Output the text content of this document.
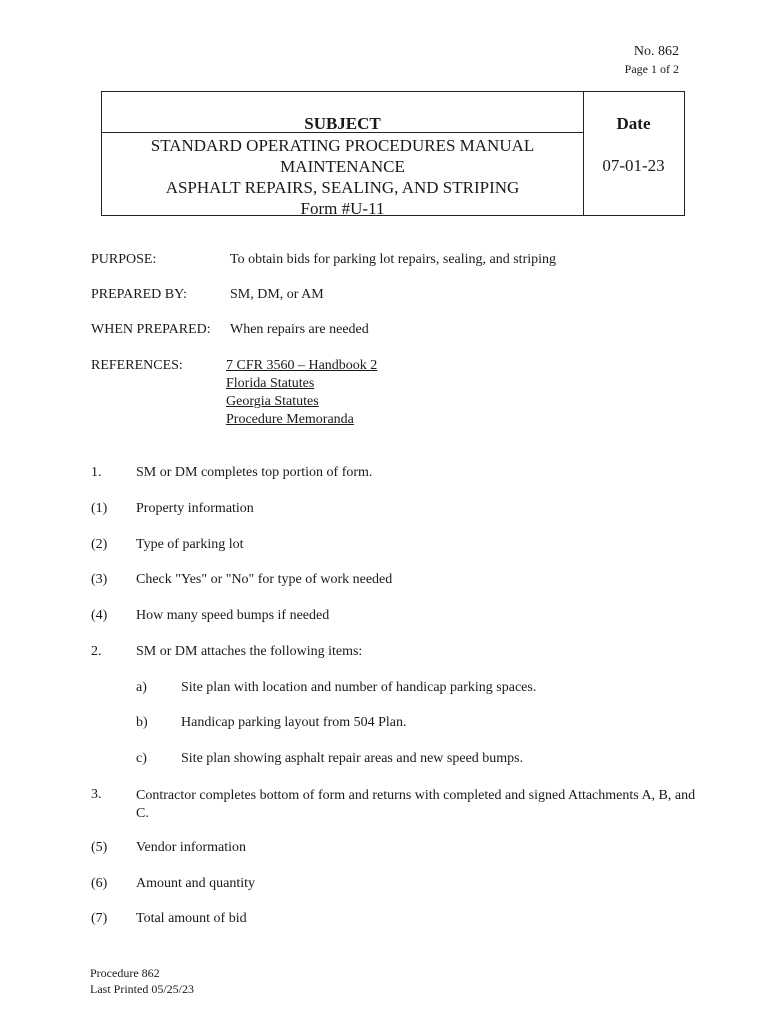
No. 862
Page 1 of 2
SUBJECT
STANDARD OPERATING PROCEDURES MANUAL
MAINTENANCE
ASPHALT REPAIRS, SEALING, AND STRIPING
Form #U-11
Date
07-01-23
PURPOSE:	To obtain bids for parking lot repairs, sealing, and striping
PREPARED BY:	SM, DM, or AM
WHEN PREPARED: When repairs are needed
REFERENCES:	7 CFR 3560 – Handbook 2
Florida Statutes
Georgia Statutes
Procedure Memoranda
1. SM or DM completes top portion of form.
(1) Property information
(2) Type of parking lot
(3) Check "Yes" or "No" for type of work needed
(4) How many speed bumps if needed
2. SM or DM attaches the following items:
a) Site plan with location and number of handicap parking spaces.
b) Handicap parking layout from 504 Plan.
c) Site plan showing asphalt repair areas and new speed bumps.
3. Contractor completes bottom of form and returns with completed and signed Attachments A, B, and C.
(5) Vendor information
(6) Amount and quantity
(7) Total amount of bid
Procedure 862
Last Printed 05/25/23
